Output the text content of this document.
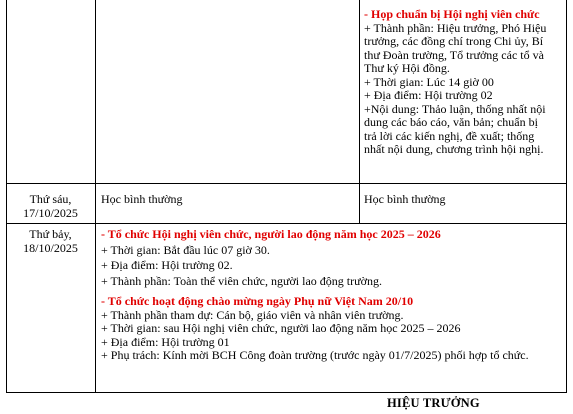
- Họp chuẩn bị Hội nghị viên chức

+ Thành phần: Hiệu trưởng, Phó Hiệu

trưởng, các đồng chí trong Chi ủy, Bí

thư Đoàn trường, Tổ trưởng các tổ và

Thư ký Hội đồng.

+ Thời gian: Lúc 14 giờ 00

+ Địa điểm: Hội trường 02

+Nội dung: Thảo luận, thống nhất nội

dung các báo cáo, văn bản; chuẩn bị

trả lời các kiến nghị, đề xuất; thống

nhất nội dung, chương trình hội nghị.

Thứ sáu,

17/10/2025

Học bình thường	Học bình thường

Thứ bảy,

18/10/2025

- Tổ chức Hội nghị viên chức, người lao động năm học 2025 – 2026

+ Thời gian: Bắt đầu lúc 07 giờ 30.

+ Địa điểm: Hội trường 02.

+ Thành phần: Toàn thể viên chức, người lao động trường.

- Tổ chức hoạt động chào mừng ngày Phụ nữ Việt Nam 20/10

+ Thành phần tham dự: Cán bộ, giáo viên và nhân viên trường.

+ Thời gian: sau Hội nghị viên chức, người lao động năm học 2025 – 2026

+ Địa điểm: Hội trường 01

+ Phụ trách: Kính mời BCH Công đoàn trường (trước ngày 01/7/2025) phối hợp tổ chức.

HIỆU TRƯỞNG
